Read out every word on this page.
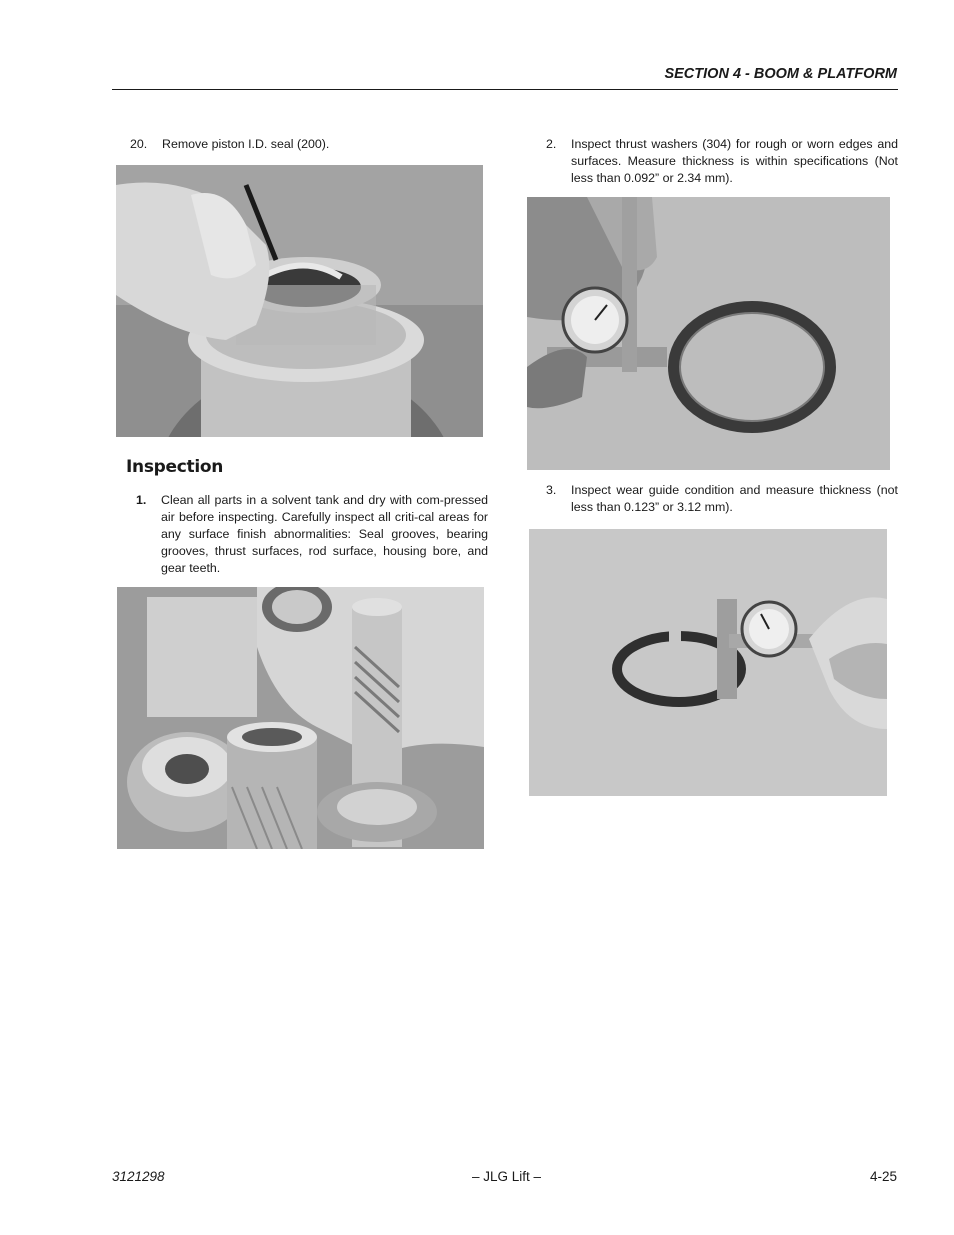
SECTION 4 - BOOM & PLATFORM
20. Remove piston I.D. seal (200).
Inspection
1. Clean all parts in a solvent tank and dry with com-pressed air before inspecting. Carefully inspect all criti-cal areas for any surface finish abnormalities: Seal grooves, bearing grooves, thrust surfaces, rod surface, housing bore, and gear teeth.
2. Inspect thrust washers (304) for rough or worn edges and surfaces. Measure thickness is within specifications (Not less than 0.092” or 2.34 mm).
3. Inspect wear guide condition and measure thickness (not less than 0.123” or 3.12 mm).
3121298	– JLG Lift –	4-25
